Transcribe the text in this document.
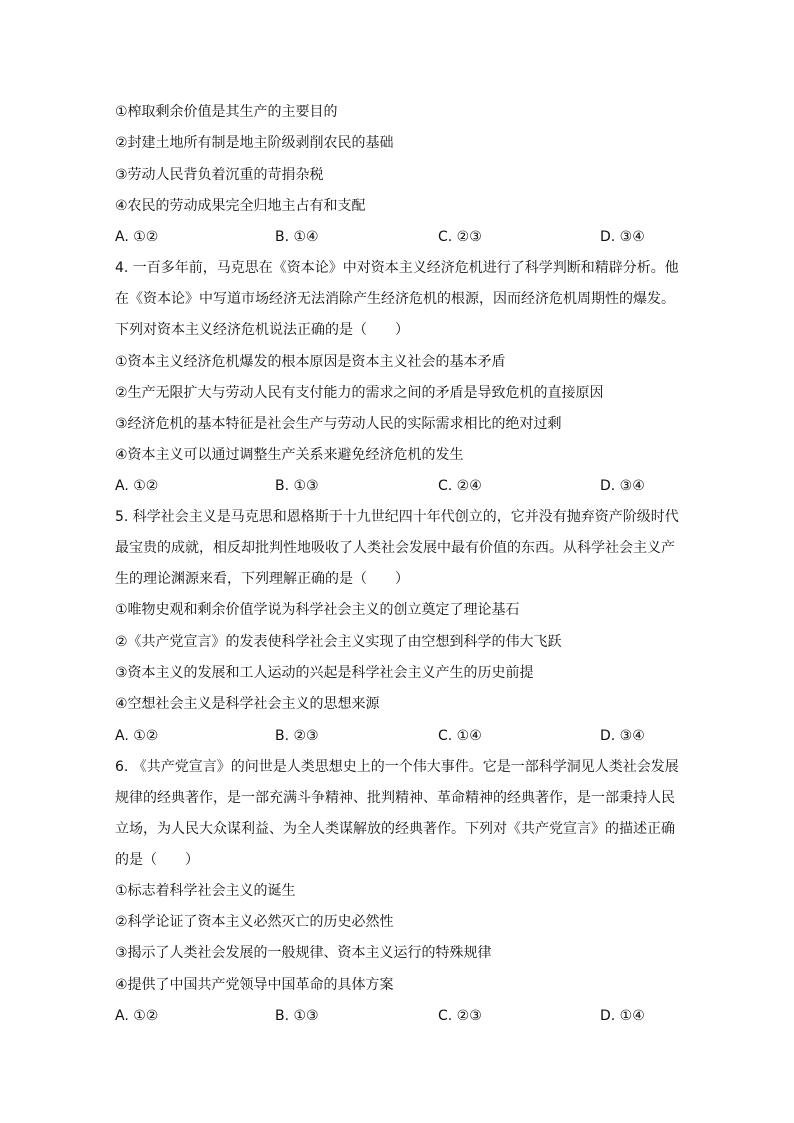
①榨取剩余价值是其生产的主要目的
②封建土地所有制是地主阶级剥削农民的基础
③劳动人民背负着沉重的苛捐杂税
④农民的劳动成果完全归地主占有和支配
A. ①②	B. ①④	C. ②③	D. ③④
4. 一百多年前，马克思在《资本论》中对资本主义经济危机进行了科学判断和精辟分析。他
在《资本论》中写道市场经济无法消除产生经济危机的根源，因而经济危机周期性的爆发。
下列对资本主义经济危机说法正确的是（　　）
①资本主义经济危机爆发的根本原因是资本主义社会的基本矛盾
②生产无限扩大与劳动人民有支付能力的需求之间的矛盾是导致危机的直接原因
③经济危机的基本特征是社会生产与劳动人民的实际需求相比的绝对过剩
④资本主义可以通过调整生产关系来避免经济危机的发生
A. ①②	B. ①③	C. ②④	D. ③④
5. 科学社会主义是马克思和恩格斯于十九世纪四十年代创立的，它并没有抛弃资产阶级时代
最宝贵的成就，相反却批判性地吸收了人类社会发展中最有价值的东西。从科学社会主义产
生的理论渊源来看，下列理解正确的是（　　）
①唯物史观和剩余价值学说为科学社会主义的创立奠定了理论基石
②《共产党宣言》的发表使科学社会主义实现了由空想到科学的伟大飞跃
③资本主义的发展和工人运动的兴起是科学社会主义产生的历史前提
④空想社会主义是科学社会主义的思想来源
A. ①②	B. ②③	C. ①④	D. ③④
6. 《共产党宣言》的问世是人类思想史上的一个伟大事件。它是一部科学洞见人类社会发展
规律的经典著作，是一部充满斗争精神、批判精神、革命精神的经典著作，是一部秉持人民
立场，为人民大众谋利益、为全人类谋解放的经典著作。下列对《共产党宣言》的描述正确
的是（　　）
①标志着科学社会主义的诞生
②科学论证了资本主义必然灭亡的历史必然性
③揭示了人类社会发展的一般规律、资本主义运行的特殊规律
④提供了中国共产党领导中国革命的具体方案
A. ①②	B. ①③	C. ②③	D. ①④
